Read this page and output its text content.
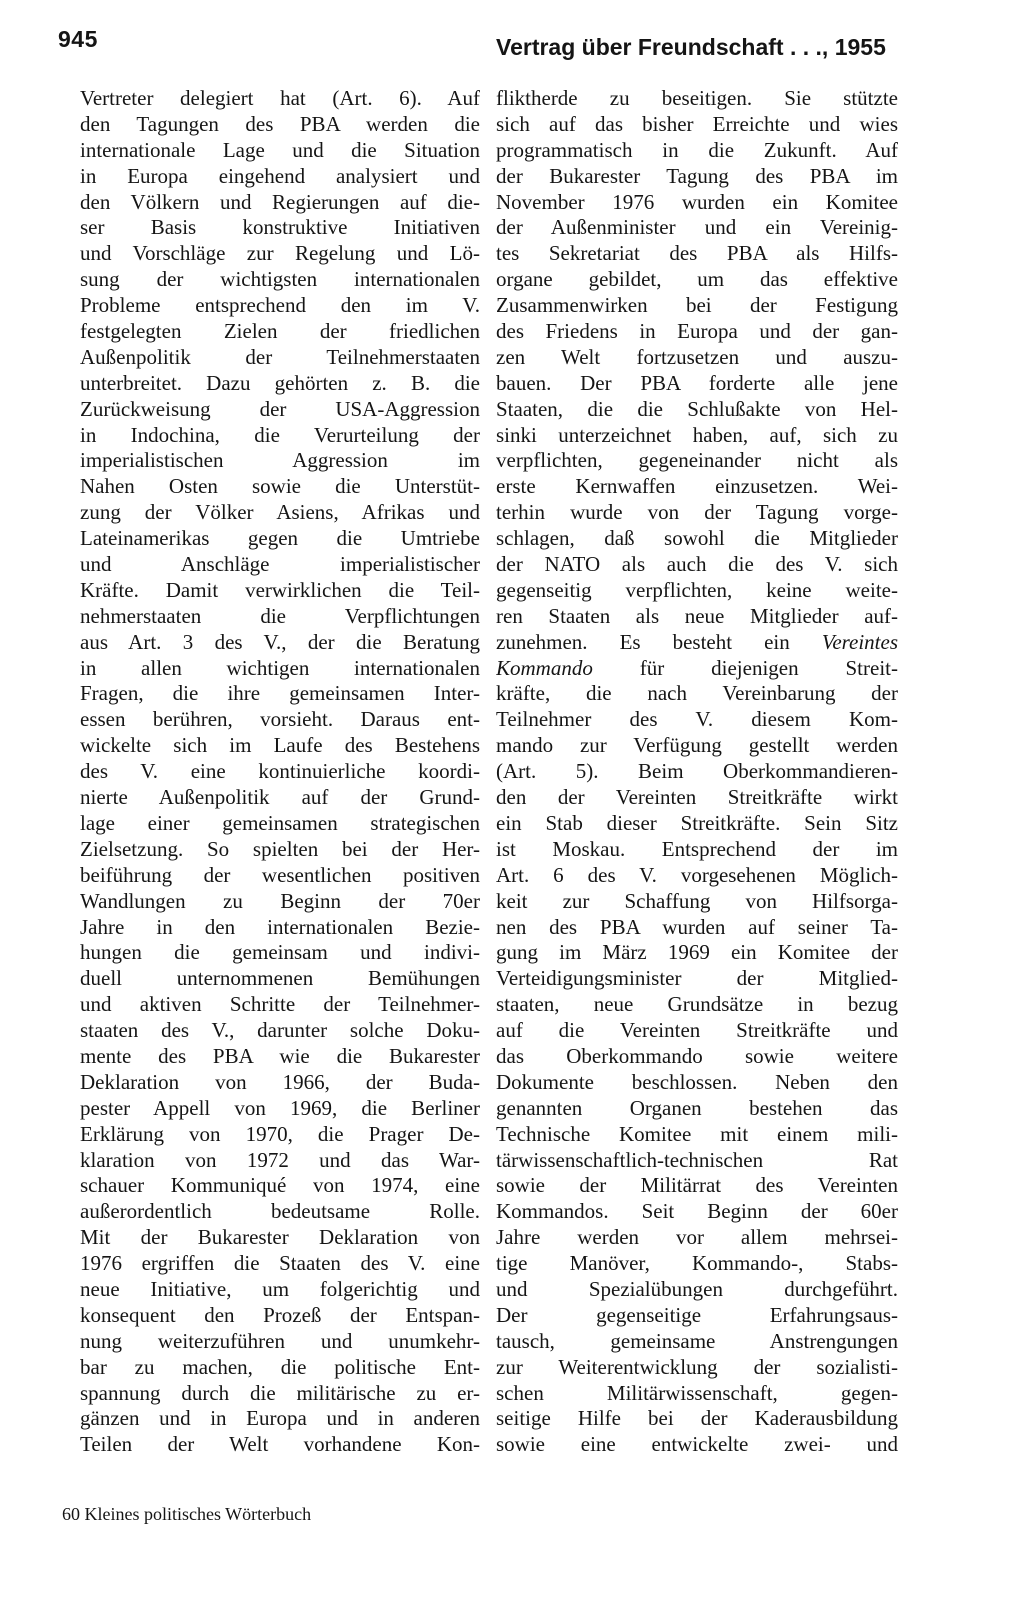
945	Vertrag über Freundschaft . . ., 1955
Vertreter delegiert hat (Art. 6). Auf
den Tagungen des PBA werden die
internationale Lage und die Situation
in Europa eingehend analysiert und
den Völkern und Regierungen auf die-
ser Basis konstruktive Initiativen
und Vorschläge zur Regelung und Lö-
sung der wichtigsten internationalen
Probleme entsprechend den im V.
festgelegten Zielen der friedlichen
Außenpolitik der Teilnehmerstaaten
unterbreitet. Dazu gehörten z. B. die
Zurückweisung der USA-Aggression
in Indochina, die Verurteilung der
imperialistischen Aggression im
Nahen Osten sowie die Unterstüt-
zung der Völker Asiens, Afrikas und
Lateinamerikas gegen die Umtriebe
und Anschläge imperialistischer
Kräfte. Damit verwirklichen die Teil-
nehmerstaaten die Verpflichtungen
aus Art. 3 des V., der die Beratung
in allen wichtigen internationalen
Fragen, die ihre gemeinsamen Inter-
essen berühren, vorsieht. Daraus ent-
wickelte sich im Laufe des Bestehens
des V. eine kontinuierliche koordi-
nierte Außenpolitik auf der Grund-
lage einer gemeinsamen strategischen
Zielsetzung. So spielten bei der Her-
beiführung der wesentlichen positiven
Wandlungen zu Beginn der 70er
Jahre in den internationalen Bezie-
hungen die gemeinsam und indivi-
duell unternommenen Bemühungen
und aktiven Schritte der Teilnehmer-
staaten des V., darunter solche Doku-
mente des PBA wie die Bukarester
Deklaration von 1966, der Buda-
pester Appell von 1969, die Berliner
Erklärung von 1970, die Prager De-
klaration von 1972 und das War-
schauer Kommuniqué von 1974, eine
außerordentlich bedeutsame Rolle.
Mit der Bukarester Deklaration von
1976 ergriffen die Staaten des V. eine
neue Initiative, um folgerichtig und
konsequent den Prozeß der Entspan-
nung weiterzuführen und unumkehr-
bar zu machen, die politische Ent-
spannung durch die militärische zu er-
gänzen und in Europa und in anderen
Teilen der Welt vorhandene Kon-
fliktherde zu beseitigen. Sie stützte
sich auf das bisher Erreichte und wies
programmatisch in die Zukunft. Auf
der Bukarester Tagung des PBA im
November 1976 wurden ein Komitee
der Außenminister und ein Vereinig-
tes Sekretariat des PBA als Hilfs-
organe gebildet, um das effektive
Zusammenwirken bei der Festigung
des Friedens in Europa und der gan-
zen Welt fortzusetzen und auszu-
bauen. Der PBA forderte alle jene
Staaten, die die Schlußakte von Hel-
sinki unterzeichnet haben, auf, sich zu
verpflichten, gegeneinander nicht als
erste Kernwaffen einzusetzen. Wei-
terhin wurde von der Tagung vorge-
schlagen, daß sowohl die Mitglieder
der NATO als auch die des V. sich
gegenseitig verpflichten, keine weite-
ren Staaten als neue Mitglieder auf-
zunehmen. Es besteht ein Vereintes
Kommando für diejenigen Streit-
kräfte, die nach Vereinbarung der
Teilnehmer des V. diesem Kom-
mando zur Verfügung gestellt werden
(Art. 5). Beim Oberkommandieren-
den der Vereinten Streitkräfte wirkt
ein Stab dieser Streitkräfte. Sein Sitz
ist Moskau. Entsprechend der im
Art. 6 des V. vorgesehenen Möglich-
keit zur Schaffung von Hilfsorga-
nen des PBA wurden auf seiner Ta-
gung im März 1969 ein Komitee der
Verteidigungsminister der Mitglied-
staaten, neue Grundsätze in bezug
auf die Vereinten Streitkräfte und
das Oberkommando sowie weitere
Dokumente beschlossen. Neben den
genannten Organen bestehen das
Technische Komitee mit einem mili-
tärwissenschaftlich-technischen Rat
sowie der Militärrat des Vereinten
Kommandos. Seit Beginn der 60er
Jahre werden vor allem mehrsei-
tige Manöver, Kommando-, Stabs-
und Spezialübungen durchgeführt.
Der gegenseitige Erfahrungsaus-
tausch, gemeinsame Anstrengungen
zur Weiterentwicklung der sozialisti-
schen Militärwissenschaft, gegen-
seitige Hilfe bei der Kaderausbildung
sowie eine entwickelte zwei- und
60 Kleines politisches Wörterbuch
